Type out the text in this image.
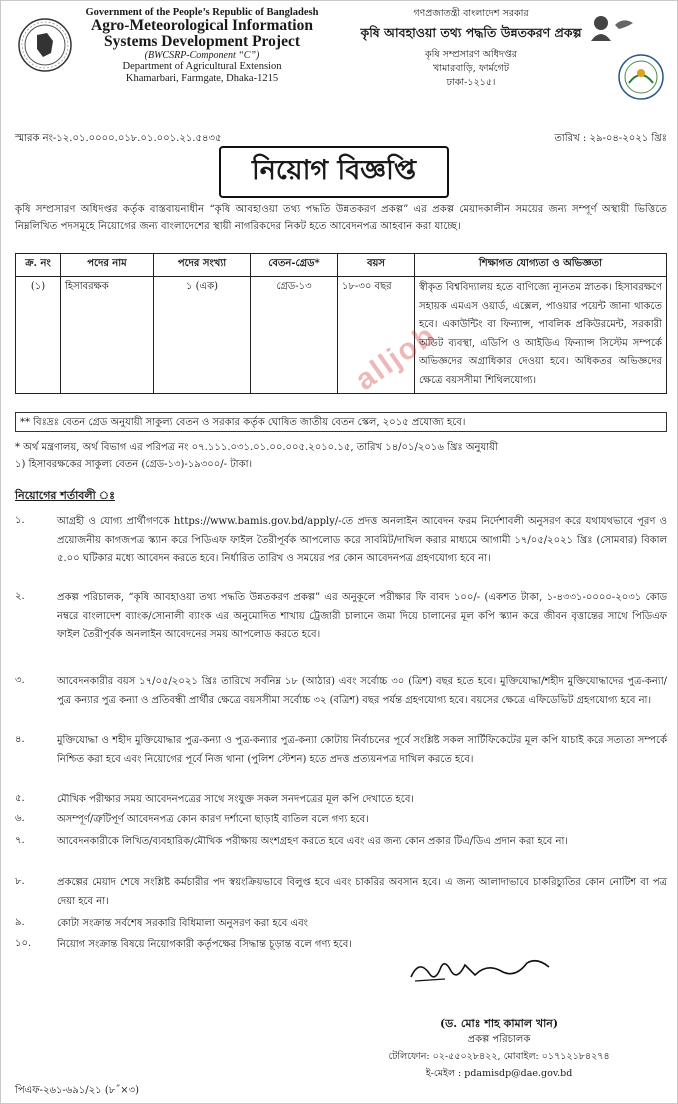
Government of the People’s Republic of Bangladesh
Agro-Meteorological Information
Systems Development Project
(BWCSRP-Component “C”)
Department of Agricultural Extension
Khamarbari, Farmgate, Dhaka-1215
গণপ্রজাতন্ত্রী বাংলাদেশ সরকার
কৃষি আবহাওয়া তথ্য পদ্ধতি উন্নতকরণ প্রকল্প
কৃষি সম্প্রসারণ অধিদপ্তর
খামারবাড়ি, ফার্মগেট
ঢাকা-১২১৫।
স্মারক নং-১২.০১.০০০০.০১৮.০১.০০১.২১.৫৪৩৫	তারিখ : ২৯-০৪-২০২১ খ্রিঃ
নিয়োগ বিজ্ঞপ্তি
কৃষি সম্প্রসারণ অধিদপ্তর কর্তৃক বাস্তবায়নাধীন “কৃষি আবহাওয়া তথ্য পদ্ধতি উন্নতকরণ প্রকল্প” এর প্রকল্প মেয়াদকালীন সময়ের জন্য সম্পূর্ণ অস্থায়ী ভিত্তিতে নিম্নলিখিত পদসমূহে নিয়োগের জন্য বাংলাদেশের স্থায়ী নাগরিকদের নিকট হতে আবেদনপত্র আহবান করা যাচ্ছে।
ক্র. নং	পদের নাম	পদের সংখ্যা	বেতন-গ্রেড*	বয়স	শিক্ষাগত যোগ্যতা ও অভিজ্ঞতা
(১)	হিসাবরক্ষক	১ (এক)	গ্রেড-১৩	১৮-৩০ বছর	স্বীকৃত বিশ্ববিদ্যালয় হতে বাণিজ্যে ন্যূনতম স্নাতক। হিসাবরক্ষণে সহায়ক এমএস ওয়ার্ড, এক্সেল, পাওয়ার পয়েন্ট জানা থাকতে হবে। একাউন্টিং বা ফিন্যান্স, পাবলিক প্রকিউরমেন্ট, সরকারী অডিট ব্যবস্থা, এডিপি ও আইডিএ ফিন্যান্স সিস্টেম সম্পর্কে অভিজ্ঞদের অগ্রাধিকার দেওয়া হবে। অধিকতর অভিজ্ঞদের ক্ষেত্রে বয়সসীমা শিথিলযোগ্য।
alljob
** বিঃদ্রঃ বেতন গ্রেড অনুযায়ী সাকুল্য বেতন ও সরকার কর্তৃক ঘোষিত জাতীয় বেতন স্কেল, ২০১৫ প্রযোজ্য হবে।
* অর্থ মন্ত্রণালয়, অর্থ বিভাগ এর পরিপত্র নং ০৭.১১১.০৩১.০১.০০.০০৫.২০১০.১৫, তারিখ ১৪/০১/২০১৬ খ্রিঃ অনুযায়ী
১) হিসাবরক্ষকের সাকুল্য বেতন (গ্রেড-১৩)-১৯৩০০/- টাকা।
নিয়োগের শর্তাবলী ঃ
১.	আগ্রহী ও যোগ্য প্রার্থীগণকে https://www.bamis.gov.bd/apply/-তে প্রদত্ত অনলাইন আবেদন ফরম নির্দেশাবলী অনুসরণ করে যথাযথভাবে পূরণ ও প্রয়োজনীয় কাগজপত্র স্ক্যান করে পিডিএফ ফাইল তৈরীপূর্বক আপলোড করে সাবমিট/দাখিল করার মাধ্যমে আগামী ১৭/০৫/২০২১ খ্রিঃ (সোমবার) বিকাল ৫.০০ ঘটিকার মধ্যে আবেদন করতে হবে। নির্ধারিত তারিখ ও সময়ের পর কোন আবেদনপত্র গ্রহণযোগ্য হবে না।
২.	প্রকল্প পরিচালক, “কৃষি আবহাওয়া তথ্য পদ্ধতি উন্নতকরণ প্রকল্প” এর অনুকূলে পরীক্ষার ফি বাবদ ১০০/- (একশত টাকা, ১-৪৩৩১-০০০০-২০৩১ কোড নম্বরে বাংলাদেশ ব্যাংক/সোনালী ব্যাংক এর অনুমোদিত শাখায় ট্রেজারী চালানে জমা দিয়ে চালানের মূল কপি স্ক্যান করে জীবন বৃত্তান্তের সাথে পিডিএফ ফাইল তৈরীপূর্বক অনলাইন আবেদনের সময় আপলোড করতে হবে।
৩.	আবেদনকারীর বয়স ১৭/০৫/২০২১ খ্রিঃ তারিখে সর্বনিম্ন ১৮ (আঠার) এবং সর্বোচ্চ ৩০ (ত্রিশ) বছর হতে হবে। মুক্তিযোদ্ধা/শহীদ মুক্তিযোদ্ধাদের পুত্র-কন্যা/পুত্র কন্যার পুত্র কন্যা ও প্রতিবন্ধী প্রার্থীর ক্ষেত্রে বয়সসীমা সর্বোচ্চ ৩২ (বত্রিশ) বছর পর্যন্ত গ্রহণযোগ্য হবে। বয়সের ক্ষেত্রে এফিডেভিট গ্রহণযোগ্য হবে না।
৪.	মুক্তিযোদ্ধা ও শহীদ মুক্তিযোদ্ধার পুত্র-কন্যা ও পুত্র-কন্যার পুত্র-কন্যা কোটায় নির্বাচনের পূর্বে সংশ্লিষ্ট সকল সার্টিফিকেটের মূল কপি যাচাই করে সত্যতা সম্পর্কে নিশ্চিত করা হবে এবং নিয়োগের পূর্বে নিজ থানা (পুলিশ স্টেশন) হতে প্রদত্ত প্রত্যয়নপত্র দাখিল করতে হবে।
৫.	মৌখিক পরীক্ষার সময় আবেদনপত্রের সাথে সংযুক্ত সকল সনদপত্রের মূল কপি দেখাতে হবে।
৬.	অসম্পূর্ণ/ত্রুটিপূর্ণ আবেদনপত্র কোন কারণ দর্শানো ছাড়াই বাতিল বলে গণ্য হবে।
৭.	আবেদনকারীকে লিখিত/ব্যবহারিক/মৌখিক পরীক্ষায় অংশগ্রহণ করতে হবে এবং এর জন্য কোন প্রকার টিএ/ডিএ প্রদান করা হবে না।
৮.	প্রকল্পের মেয়াদ শেষে সংশ্লিষ্ট কর্মচারীর পদ স্বয়ংক্রিয়ভাবে বিলুপ্ত হবে এবং চাকরির অবসান হবে। এ জন্য আলাদাভাবে চাকরিচ্যুতির কোন নোটিশ বা পত্র দেয়া হবে না।
৯.	কোটা সংক্রান্ত সর্বশেষ সরকারি বিধিমালা অনুসরণ করা হবে এবং
১০.	নিয়োগ সংক্রান্ত বিষয়ে নিয়োগকারী কর্তৃপক্ষের সিদ্ধান্ত চূড়ান্ত বলে গণ্য হবে।
(ড. মোঃ শাহ কামাল খান)
প্রকল্প পরিচালক
টেলিফোন: ০২-৫৫০২৮৪২২, মোবাইল: ০১৭১২১৮৪২৭৪
ই-মেইল : pdamisdp@dae.gov.bd
পিএফ-২৬১-৬৯১/২১ (৮˝×৩)
